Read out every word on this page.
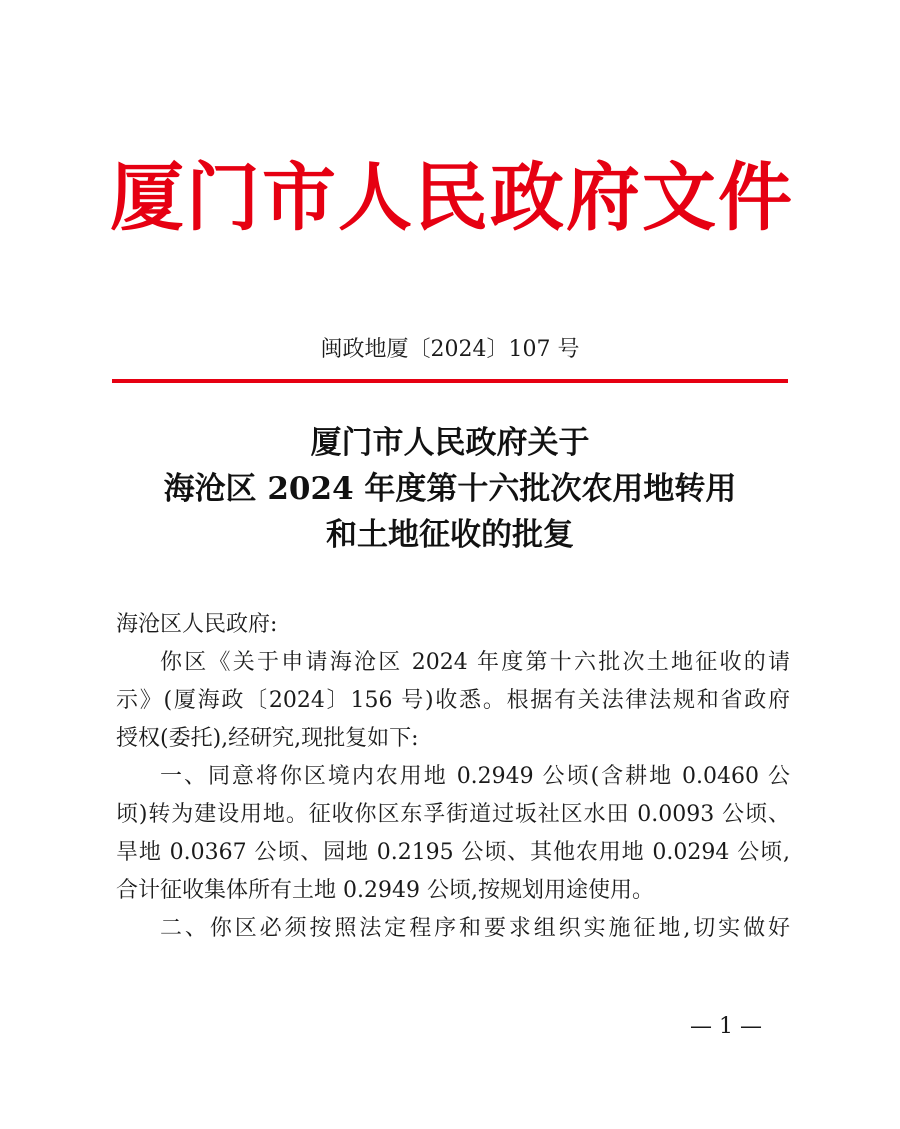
厦门市人民政府文件
闽政地厦〔2024〕107 号
厦门市人民政府关于
海沧区 2024 年度第十六批次农用地转用
和土地征收的批复
海沧区人民政府:
你区《关于申请海沧区 2024 年度第十六批次土地征收的请
示》(厦海政〔2024〕156 号)收悉。根据有关法律法规和省政府
授权(委托),经研究,现批复如下:
一、同意将你区境内农用地 0.2949 公顷(含耕地 0.0460 公
顷)转为建设用地。征收你区东孚街道过坂社区水田 0.0093 公顷、
旱地 0.0367 公顷、园地 0.2195 公顷、其他农用地 0.0294 公顷,
合计征收集体所有土地 0.2949 公顷,按规划用途使用。
二、你区必须按照法定程序和要求组织实施征地,切实做好
— 1 —
